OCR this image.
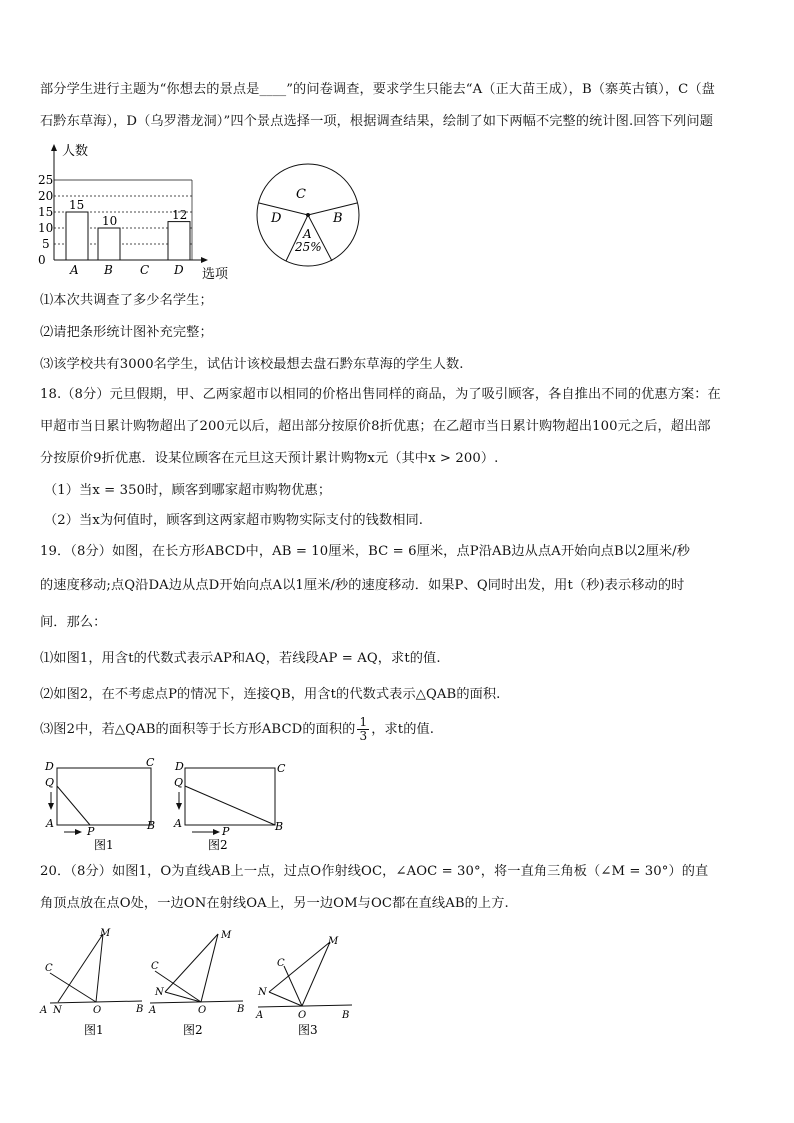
部分学生进行主题为“你想去的景点是____”的问卷调查，要求学生只能去“A（正大苗王成），B（寨英古镇），C（盘
石黔东草海），D（乌罗潜龙洞）”四个景点选择一项，根据调查结果，绘制了如下两幅不完整的统计图.回答下列问题
25
20
15
10
5
0
人数
15
10	12
A B C D 选项
C
D	B
A
25%
⑴本次共调查了多少名学生；
⑵请把条形统计图补充完整；
⑶该学校共有3000名学生，试估计该校最想去盘石黔东草海的学生人数.
18.（8分）元旦假期，甲、乙两家超市以相同的价格出售同样的商品，为了吸引顾客，各自推出不同的优惠方案：在
甲超市当日累计购物超出了200元以后，超出部分按原价8折优惠；在乙超市当日累计购物超出100元之后，超出部
分按原价9折优惠．设某位顾客在元旦这天预计累计购物x元（其中x > 200）.
（1）当x = 350时，顾客到哪家超市购物优惠；
（2）当x为何值时，顾客到这两家超市购物实际支付的钱数相同.
19．（8分）如图，在长方形ABCD中，AB = 10厘米，BC = 6厘米，点P沿AB边从点A开始向点B以2厘米/秒
的速度移动;点Q沿DA边从点D开始向点A以1厘米/秒的速度移动．如果P、Q同时出发，用t（秒)表示移动的时
间．那么：
⑴如图1，用含t的代数式表示AP和AQ，若线段AP = AQ，求t的值.
⑵如图2，在不考虑点P的情况下，连接QB，用含t的代数式表示△QAB的面积.
⑶图2中，若△QAB的面积等于长方形ABCD的面积的 $\frac{1}{3}$ ，求t的值.
D
Q
A
C
B
P
图1
D
Q
A
C
B
P
图2
20．（8分）如图1，O为直线AB上一点，过点O作射线OC，∠AOC = 30°，将一直角三角板（∠M = 30°）的直
角顶点放在点O处，一边ON在射线OA上，另一边OM与OC都在直线AB的上方.
M
C
A N	O	B
图1
M
C
N
A	O	B
图2
M
C
N
A	O	B
图3
